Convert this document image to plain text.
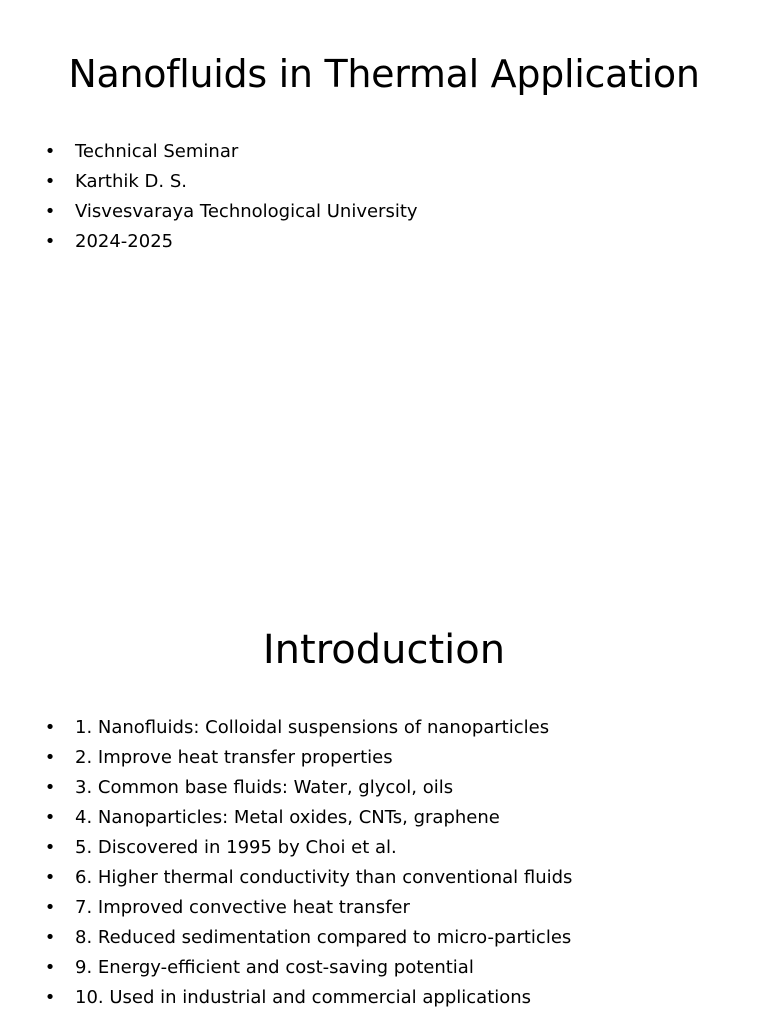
Nanofluids in Thermal Application
• Technical Seminar
• Karthik D. S.
• Visvesvaraya Technological University
• 2024-2025
Introduction
• 1. Nanofluids: Colloidal suspensions of nanoparticles
• 2. Improve heat transfer properties
• 3. Common base fluids: Water, glycol, oils
• 4. Nanoparticles: Metal oxides, CNTs, graphene
• 5. Discovered in 1995 by Choi et al.
• 6. Higher thermal conductivity than conventional fluids
• 7. Improved convective heat transfer
• 8. Reduced sedimentation compared to micro-particles
• 9. Energy-efficient and cost-saving potential
• 10. Used in industrial and commercial applications
